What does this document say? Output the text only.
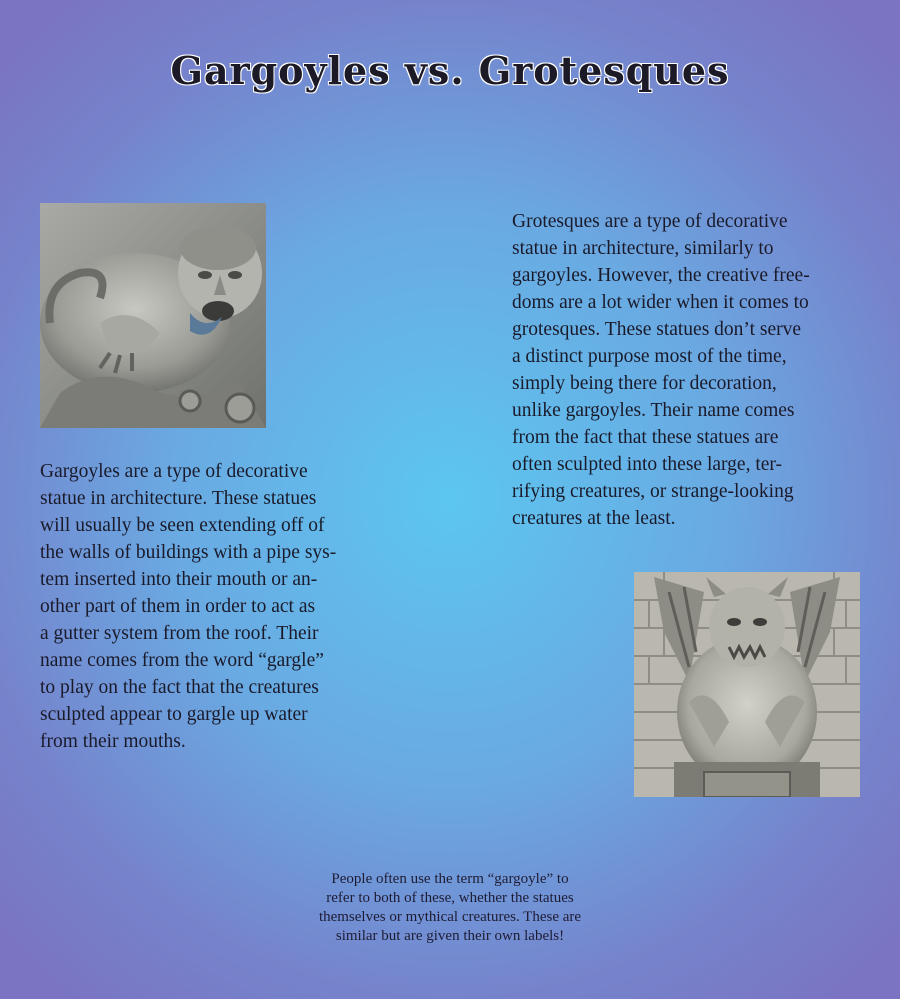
Gargoyles vs. Grotesques
Gargoyles are a type of decorative
statue in architecture. These statues
will usually be seen extending off of
the walls of buildings with a pipe sys-
tem inserted into their mouth or an-
other part of them in order to act as
a gutter system from the roof. Their
name comes from the word “gargle”
to play on the fact that the creatures
sculpted appear to gargle up water
from their mouths.
Grotesques are a type of decorative
statue in architecture, similarly to
gargoyles. However, the creative free-
doms are a lot wider when it comes to
grotesques. These statues don’t serve
a distinct purpose most of the time,
simply being there for decoration,
unlike gargoyles. Their name comes
from the fact that these statues are
often sculpted into these large, ter-
rifying creatures, or strange-looking
creatures at the least.
People often use the term “gargoyle” to
refer to both of these, whether the statues
themselves or mythical creatures. These are
similar but are given their own labels!
